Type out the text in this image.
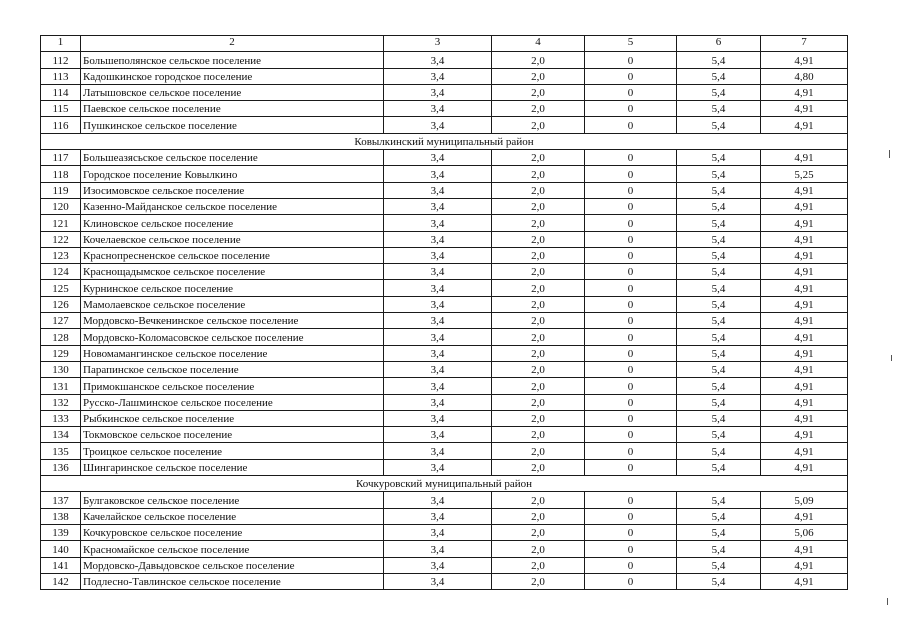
1	2	3	4	5	6	7
112	Большеполянское сельское поселение	3,4	2,0	0	5,4	4,91
113	Кадошкинское городское поселение	3,4	2,0	0	5,4	4,80
114	Латышовское сельское поселение	3,4	2,0	0	5,4	4,91
115	Паевское сельское поселение	3,4	2,0	0	5,4	4,91
116	Пушкинское сельское поселение	3,4	2,0	0	5,4	4,91
Ковылкинский муниципальный район						
117	Большеазясьское сельское поселение	3,4	2,0	0	5,4	4,91
118	Городское поселение Ковылкино	3,4	2,0	0	5,4	5,25
119	Изосимовское сельское поселение	3,4	2,0	0	5,4	4,91
120	Казенно-Майданское сельское поселение	3,4	2,0	0	5,4	4,91
121	Клиновское сельское поселение	3,4	2,0	0	5,4	4,91
122	Кочелаевское сельское поселение	3,4	2,0	0	5,4	4,91
123	Краснопресненское сельское поселение	3,4	2,0	0	5,4	4,91
124	Краснощадымское сельское поселение	3,4	2,0	0	5,4	4,91
125	Курнинское сельское поселение	3,4	2,0	0	5,4	4,91
126	Мамолаевское сельское поселение	3,4	2,0	0	5,4	4,91
127	Мордовско-Вечкенинское сельское поселение	3,4	2,0	0	5,4	4,91
128	Мордовско-Коломасовское сельское поселение	3,4	2,0	0	5,4	4,91
129	Новомамангинское сельское поселение	3,4	2,0	0	5,4	4,91
130	Парапинское сельское поселение	3,4	2,0	0	5,4	4,91
131	Примокшанское сельское поселение	3,4	2,0	0	5,4	4,91
132	Русско-Лашминское сельское поселение	3,4	2,0	0	5,4	4,91
133	Рыбкинское сельское поселение	3,4	2,0	0	5,4	4,91
134	Токмовское сельское поселение	3,4	2,0	0	5,4	4,91
135	Троицкое сельское поселение	3,4	2,0	0	5,4	4,91
136	Шингаринское сельское поселение	3,4	2,0	0	5,4	4,91
Кочкуровский муниципальный район						
137	Булгаковское сельское поселение	3,4	2,0	0	5,4	5,09
138	Качелайское сельское поселение	3,4	2,0	0	5,4	4,91
139	Кочкуровское сельское поселение	3,4	2,0	0	5,4	5,06
140	Красномайское сельское поселение	3,4	2,0	0	5,4	4,91
141	Мордовско-Давыдовское сельское поселение	3,4	2,0	0	5,4	4,91
142	Подлесно-Тавлинское сельское поселение	3,4	2,0	0	5,4	4,91
